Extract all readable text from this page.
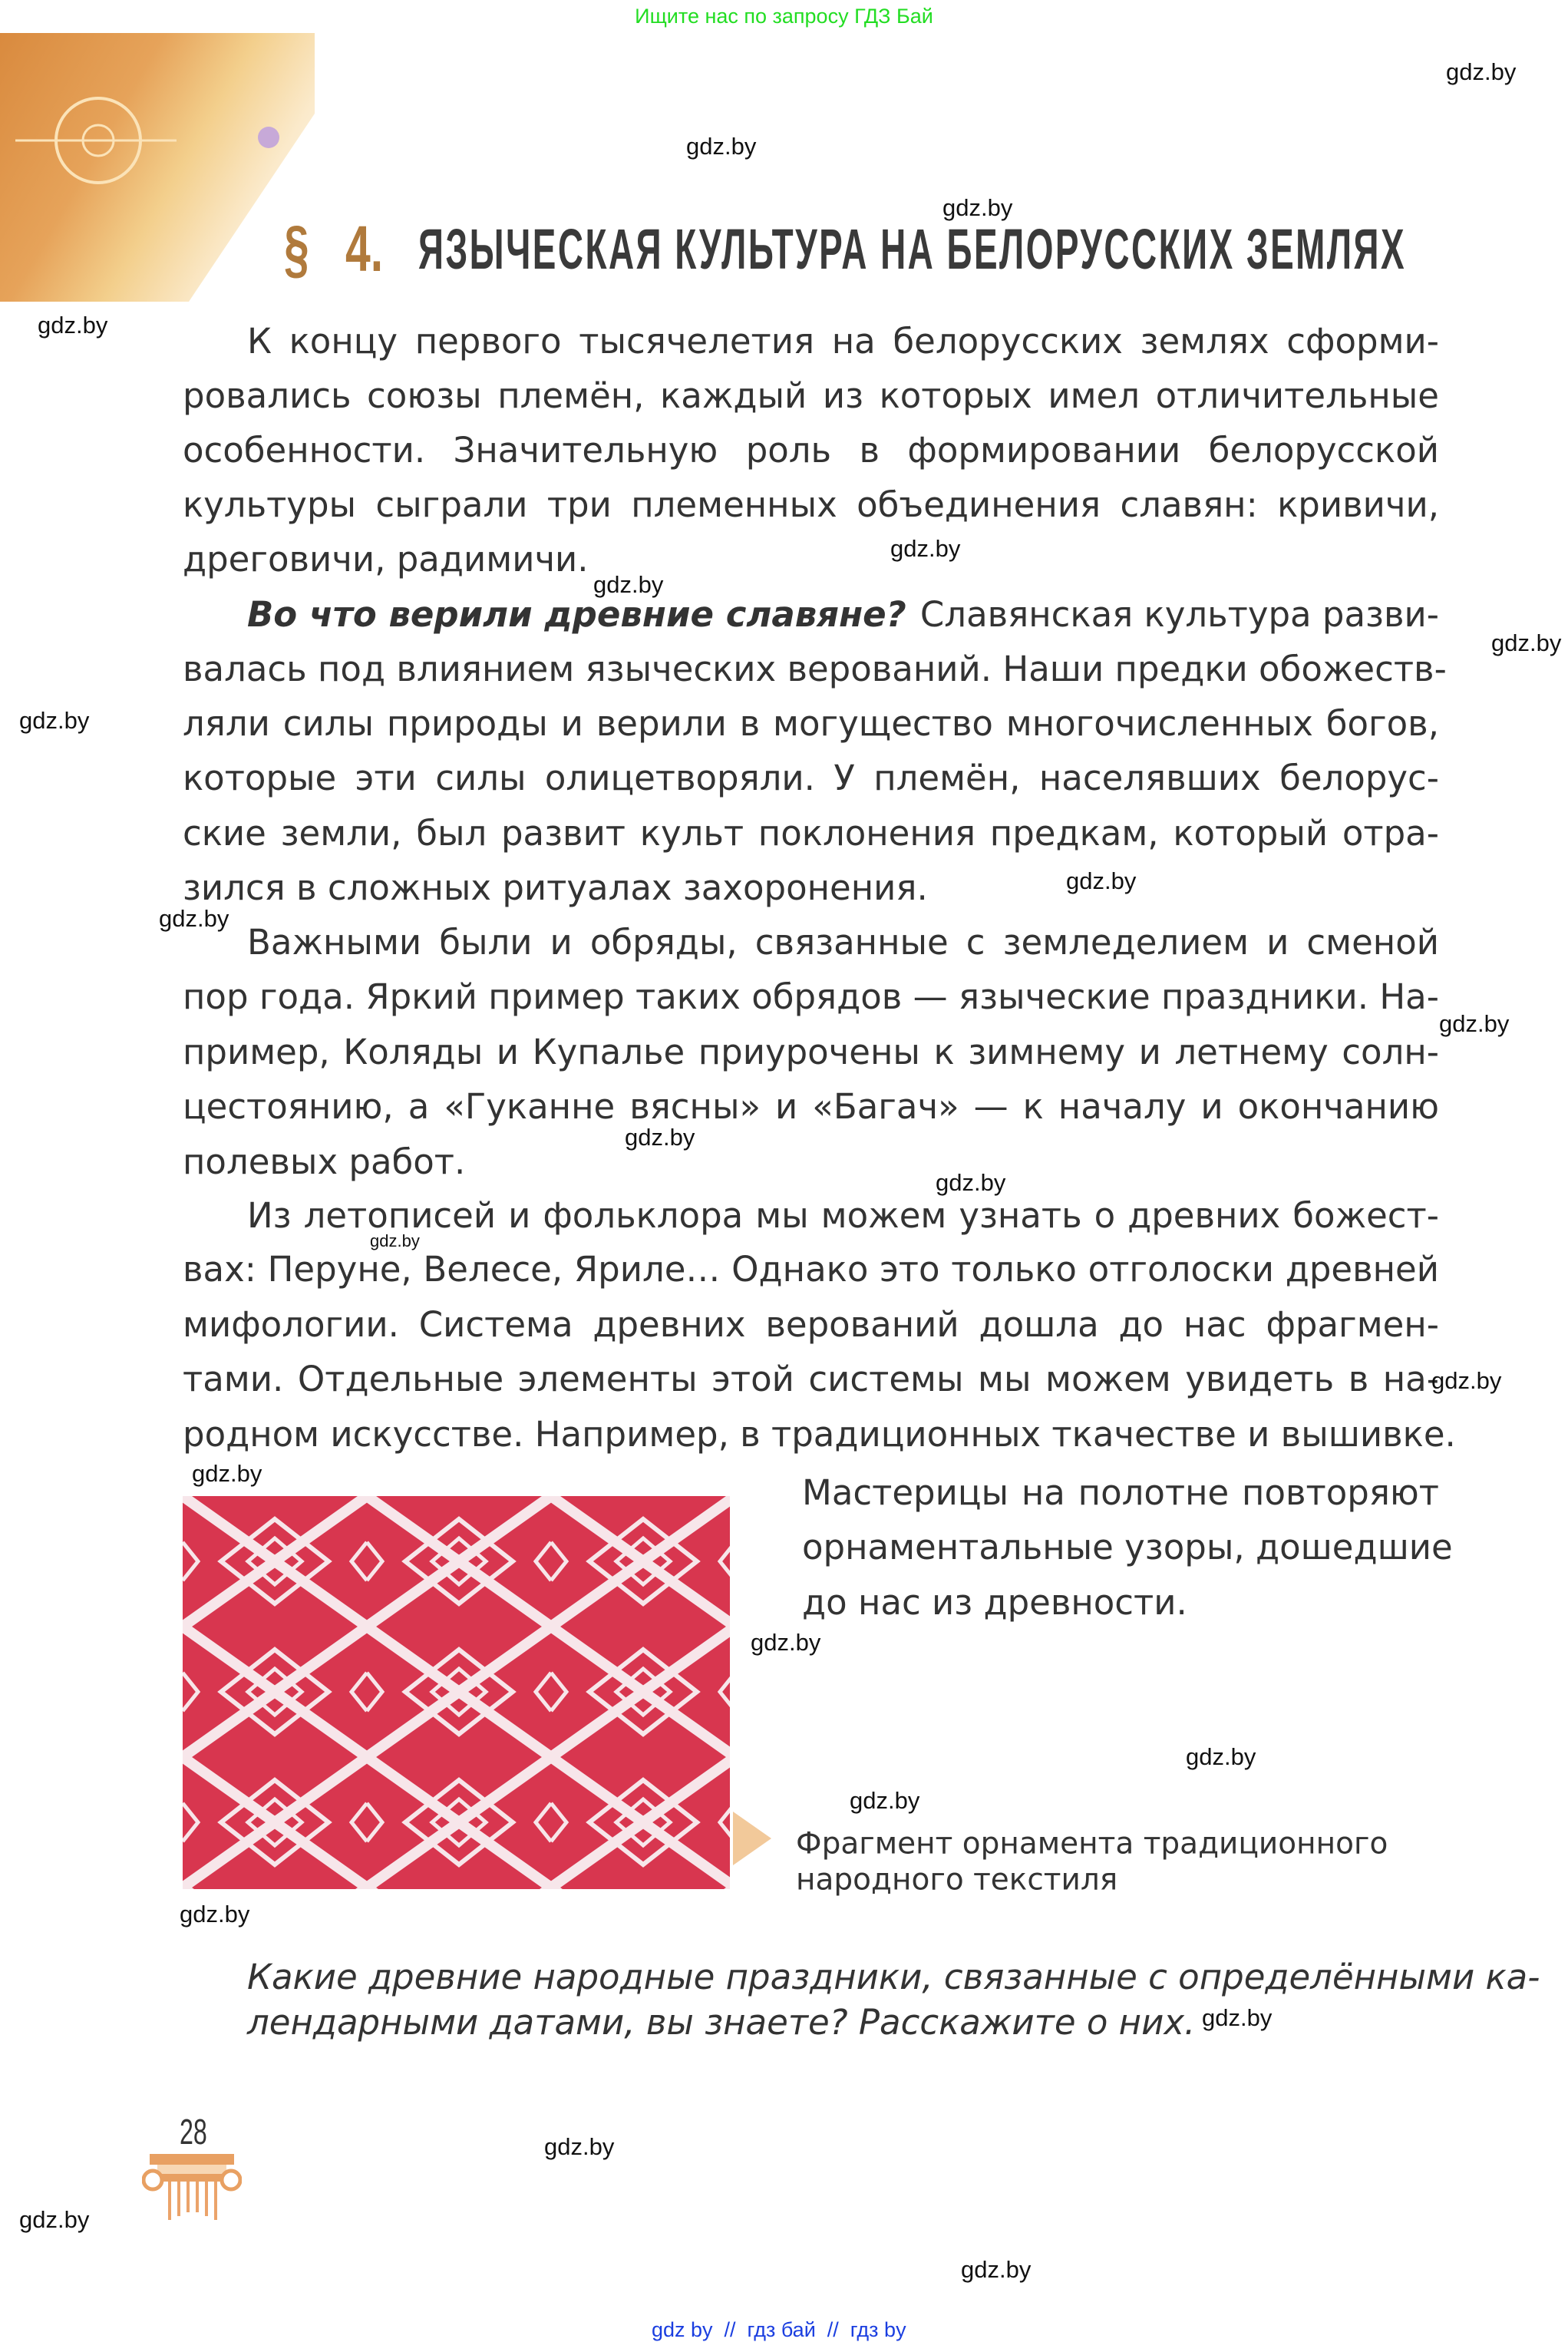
Ищите нас по запросу ГДЗ Бай
§ 4. ЯЗЫЧЕСКАЯ КУЛЬТУРА НА БЕЛОРУССКИХ ЗЕМЛЯХ
К концу первого тысячелетия на белорусских землях сформи-
ровались союзы племён, каждый из которых имел отличительные
особенности. Значительную роль в формировании белорусской
культуры сыграли три племенных объединения славян: кривичи,
дреговичи, радимичи.
Во что верили древние славяне? Славянская культура разви-
валась под влиянием языческих верований. Наши предки обожеств-
ляли силы природы и верили в могущество многочисленных богов,
которые эти силы олицетворяли. У племён, населявших белорус-
ские земли, был развит культ поклонения предкам, который отра-
зился в сложных ритуалах захоронения.
Важными были и обряды, связанные с земледелием и сменой
пор года. Яркий пример таких обрядов — языческие праздники. На-
пример, Коляды и Купалье приурочены к зимнему и летнему солн-
цестоянию, а «Гуканне вясны» и «Багач» — к началу и окончанию
полевых работ.
Из летописей и фольклора мы можем узнать о древних божест-
вах: Перуне, Велесе, Яриле… Однако это только отголоски древней
мифологии. Система древних верований дошла до нас фрагмен-
тами. Отдельные элементы этой системы мы можем увидеть в на-
родном искусстве. Например, в традиционных ткачестве и вышивке.
Мастерицы на полотне повторяют
орнаментальные узоры, дошедшие
до нас из древности.
Фрагмент орнамента традиционного
народного текстиля
Какие древние народные праздники, связанные с определёнными ка-
лендарными датами, вы знаете? Расскажите о них.
28
gdz.by
gdz.by
gdz.by
gdz.by
gdz.by
gdz.by
gdz.by
gdz.by
gdz.by
gdz.by
gdz.by
gdz.by
gdz.by
gdz.by
gdz.by
gdz.by
gdz.by
gdz.by
gdz.by
gdz.by
gdz.by
gdz.by
gdz.by
gdz.by
gdz by  //  гдз бай  //  гдз by
